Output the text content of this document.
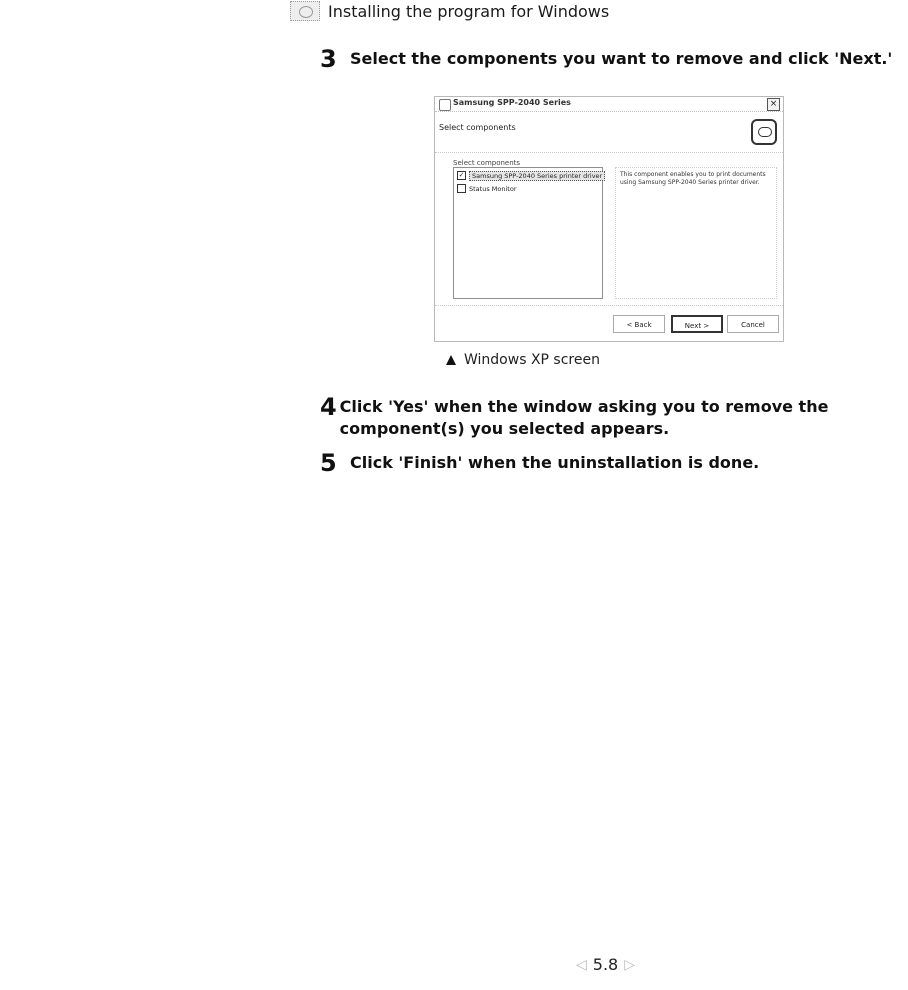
Installing the program for Windows
3 Select the components you want to remove and click 'Next.'
Samsung SPP-2040 Series	×
Select components
Select components
✓	Samsung SPP-2040 Series printer driver
Status Monitor
This component enables you to print documents using Samsung SPP-2040 Series printer driver.
< Back	Next >	Cancel
Windows XP screen
4 Click 'Yes' when the window asking you to remove the component(s) you selected appears.
5 Click 'Finish' when the uninstallation is done.
◁ 5.8 ▷
